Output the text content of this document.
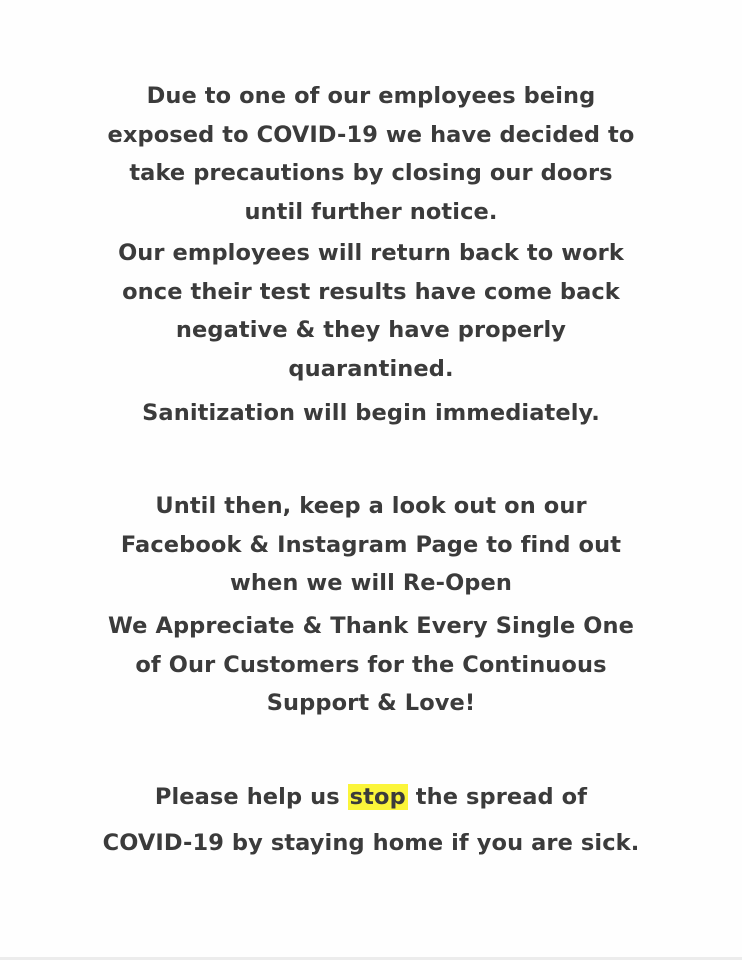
Due to one of our employees being
exposed to COVID-19 we have decided to
take precautions by closing our doors
until further notice.
Our employees will return back to work
once their test results have come back
negative & they have properly
quarantined.
Sanitization will begin immediately.
Until then, keep a look out on our
Facebook & Instagram Page to find out
when we will Re-Open
We Appreciate & Thank Every Single One
of Our Customers for the Continuous
Support & Love!
Please help us stop the spread of
COVID-19 by staying home if you are sick.
